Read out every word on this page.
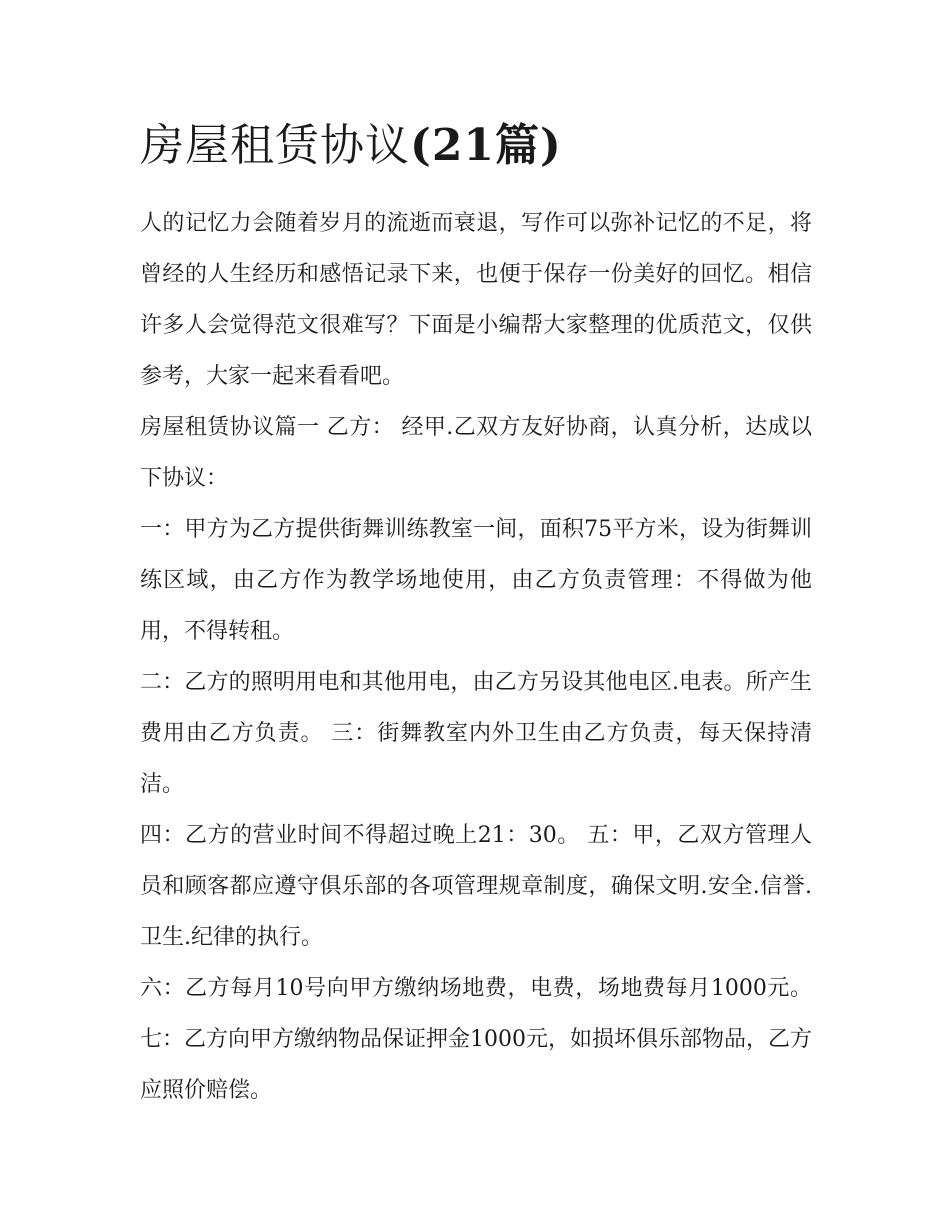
房屋租赁协议(21篇)

人的记忆力会随着岁月的流逝而衰退，写作可以弥补记忆的不足，将曾经的人生经历和感悟记录下来，也便于保存一份美好的回忆。相信许多人会觉得范文很难写？下面是小编帮大家整理的优质范文，仅供参考，大家一起来看看吧。

房屋租赁协议篇一 乙方： 经甲.乙双方友好协商，认真分析，达成以下协议：

一：甲方为乙方提供街舞训练教室一间，面积75平方米，设为街舞训练区域，由乙方作为教学场地使用，由乙方负责管理：不得做为他用，不得转租。

二：乙方的照明用电和其他用电，由乙方另设其他电区.电表。所产生费用由乙方负责。 三：街舞教室内外卫生由乙方负责，每天保持清洁。

四：乙方的营业时间不得超过晚上21：30。 五：甲，乙双方管理人员和顾客都应遵守俱乐部的各项管理规章制度，确保文明.安全.信誉.卫生.纪律的执行。

六：乙方每月10号向甲方缴纳场地费，电费，场地费每月1000元。 七：乙方向甲方缴纳物品保证押金1000元，如损坏俱乐部物品，乙方应照价赔偿。
